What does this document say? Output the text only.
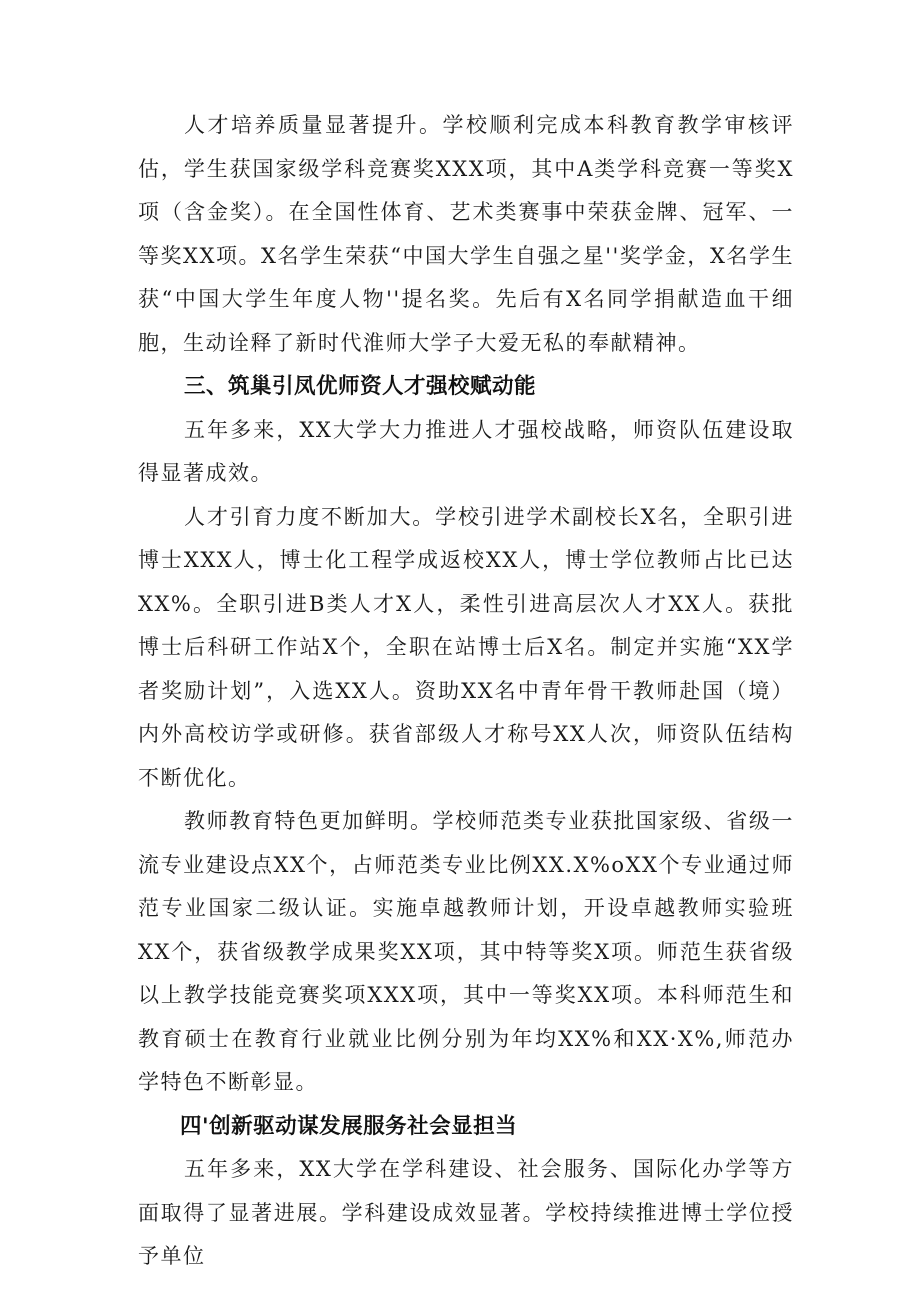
人才培养质量显著提升。学校顺利完成本科教育教学审核评估，学生获国家级学科竞赛奖XXX项，其中A类学科竞赛一等奖X项（含金奖）。在全国性体育、艺术类赛事中荣获金牌、冠军、一等奖XX项。X名学生荣获“中国大学生自强之星''奖学金，X名学生获“中国大学生年度人物''提名奖。先后有X名同学捐献造血干细胞，生动诠释了新时代淮师大学子大爱无私的奉献精神。

三、筑巢引凤优师资人才强校赋动能

五年多来，XX大学大力推进人才强校战略，师资队伍建设取得显著成效。

人才引育力度不断加大。学校引进学术副校长X名，全职引进博士XXX人，博士化工程学成返校XX人，博士学位教师占比已达XX%。全职引进B类人才X人，柔性引进高层次人才XX人。获批博士后科研工作站X个，全职在站博士后X名。制定并实施“XX学者奖励计划”，入选XX人。资助XX名中青年骨干教师赴国（境）内外高校访学或研修。获省部级人才称号XX人次，师资队伍结构不断优化。

教师教育特色更加鲜明。学校师范类专业获批国家级、省级一流专业建设点XX个，占师范类专业比例XX.X%oXX个专业通过师范专业国家二级认证。实施卓越教师计划，开设卓越教师实验班XX个，获省级教学成果奖XX项，其中特等奖X项。师范生获省级以上教学技能竞赛奖项XXX项，其中一等奖XX项。本科师范生和教育硕士在教育行业就业比例分别为年均XX%和XX·X%,师范办学特色不断彰显。

四'创新驱动谋发展服务社会显担当

五年多来，XX大学在学科建设、社会服务、国际化办学等方面取得了显著进展。学科建设成效显著。学校持续推进博士学位授予单位
